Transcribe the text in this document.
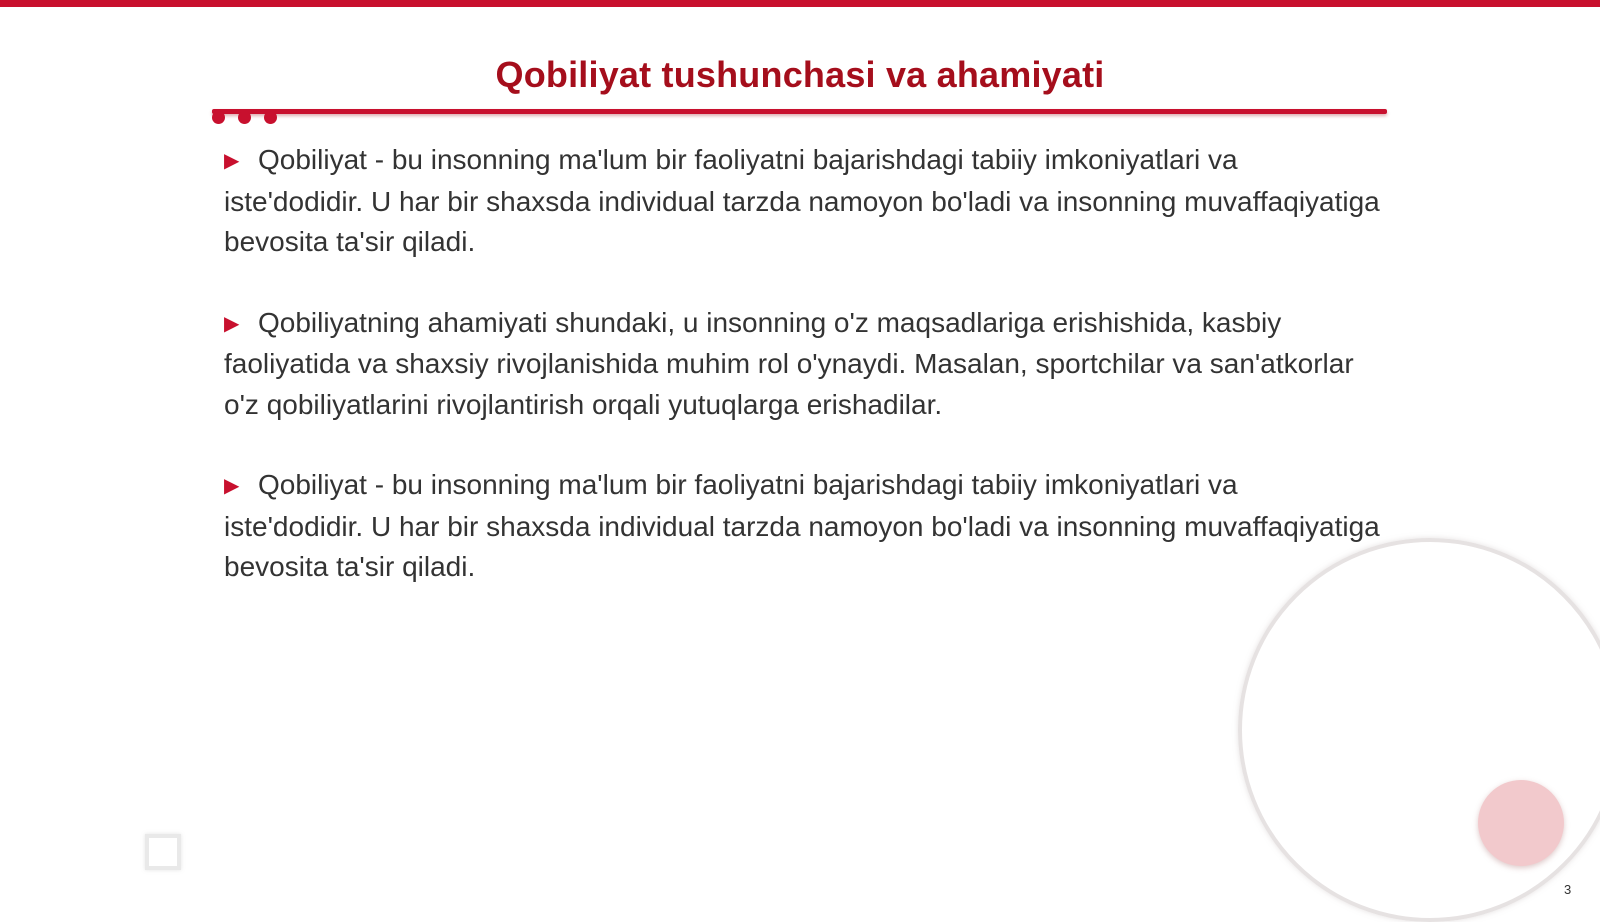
Qobiliyat tushunchasi va ahamiyati

▶ Qobiliyat - bu insonning ma'lum bir faoliyatni bajarishdagi tabiiy imkoniyatlari va iste'dodidir. U har bir shaxsda individual tarzda namoyon bo'ladi va insonning muvaffaqiyatiga bevosita ta'sir qiladi.

▶ Qobiliyatning ahamiyati shundaki, u insonning o'z maqsadlariga erishishida, kasbiy faoliyatida va shaxsiy rivojlanishida muhim rol o'ynaydi. Masalan, sportchilar va san'atkorlar o'z qobiliyatlarini rivojlantirish orqali yutuqlarga erishadilar.

▶ Qobiliyat - bu insonning ma'lum bir faoliyatni bajarishdagi tabiiy imkoniyatlari va iste'dodidir. U har bir shaxsda individual tarzda namoyon bo'ladi va insonning muvaffaqiyatiga bevosita ta'sir qiladi.

3
